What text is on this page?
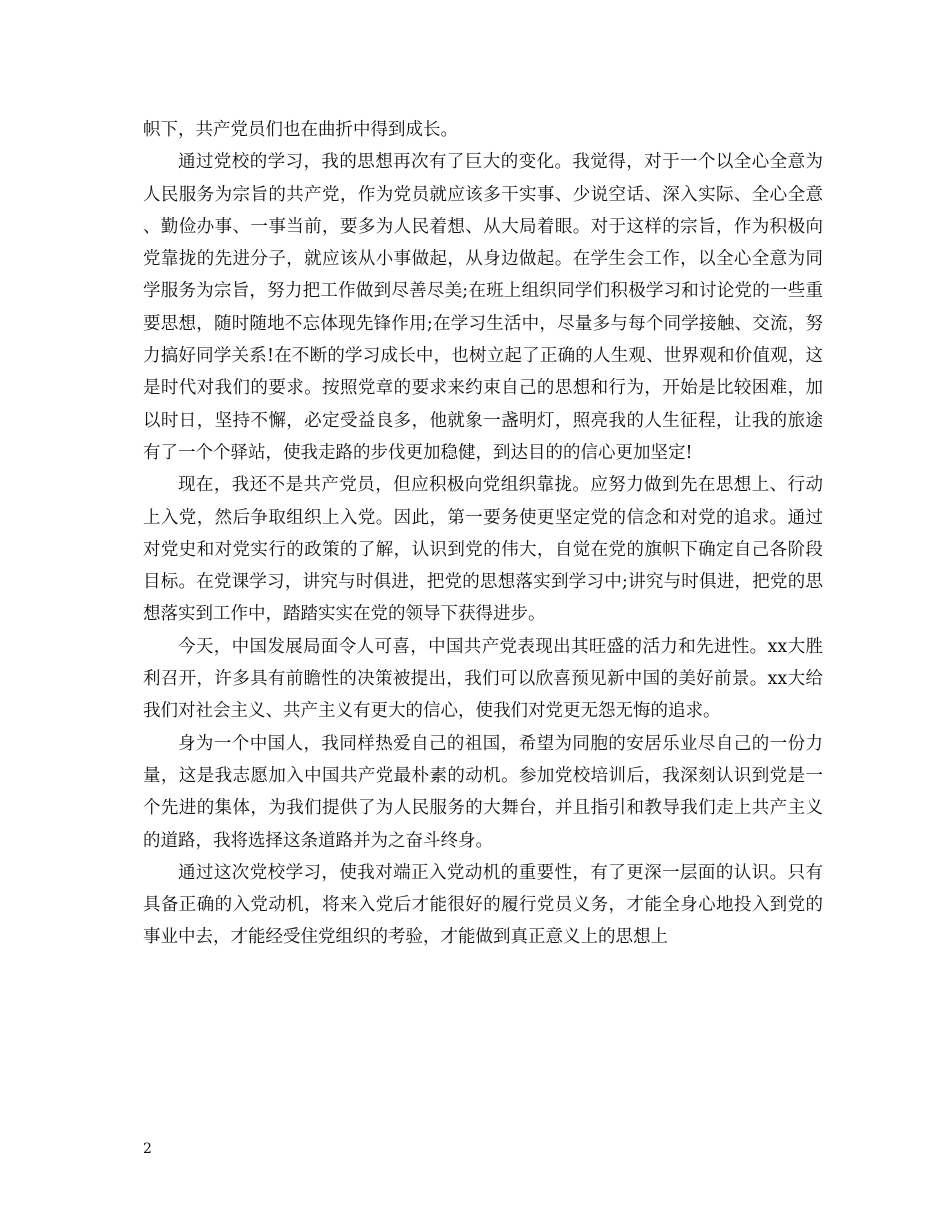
帜下，共产党员们也在曲折中得到成长。

通过党校的学习，我的思想再次有了巨大的变化。我觉得，对于一个以全心全意为人民服务为宗旨的共产党，作为党员就应该多干实事、少说空话、深入实际、全心全意、勤俭办事、一事当前，要多为人民着想、从大局着眼。对于这样的宗旨，作为积极向党靠拢的先进分子，就应该从小事做起，从身边做起。在学生会工作，以全心全意为同学服务为宗旨，努力把工作做到尽善尽美;在班上组织同学们积极学习和讨论党的一些重要思想，随时随地不忘体现先锋作用;在学习生活中，尽量多与每个同学接触、交流，努力搞好同学关系!在不断的学习成长中，也树立起了正确的人生观、世界观和价值观，这是时代对我们的要求。按照党章的要求来约束自己的思想和行为，开始是比较困难，加以时日，坚持不懈，必定受益良多，他就象一盏明灯，照亮我的人生征程，让我的旅途有了一个个驿站，使我走路的步伐更加稳健，到达目的的信心更加坚定!

现在，我还不是共产党员，但应积极向党组织靠拢。应努力做到先在思想上、行动上入党，然后争取组织上入党。因此，第一要务使更坚定党的信念和对党的追求。通过对党史和对党实行的政策的了解，认识到党的伟大，自觉在党的旗帜下确定自己各阶段目标。在党课学习，讲究与时俱进，把党的思想落实到学习中;讲究与时俱进，把党的思想落实到工作中，踏踏实实在党的领导下获得进步。

今天，中国发展局面令人可喜，中国共产党表现出其旺盛的活力和先进性。xx大胜利召开，许多具有前瞻性的决策被提出，我们可以欣喜预见新中国的美好前景。xx大给我们对社会主义、共产主义有更大的信心，使我们对党更无怨无悔的追求。

身为一个中国人，我同样热爱自己的祖国，希望为同胞的安居乐业尽自己的一份力量，这是我志愿加入中国共产党最朴素的动机。参加党校培训后，我深刻认识到党是一个先进的集体，为我们提供了为人民服务的大舞台，并且指引和教导我们走上共产主义的道路，我将选择这条道路并为之奋斗终身。

通过这次党校学习，使我对端正入党动机的重要性，有了更深一层面的认识。只有具备正确的入党动机，将来入党后才能很好的履行党员义务，才能全身心地投入到党的事业中去，才能经受住党组织的考验，才能做到真正意义上的思想上

2
